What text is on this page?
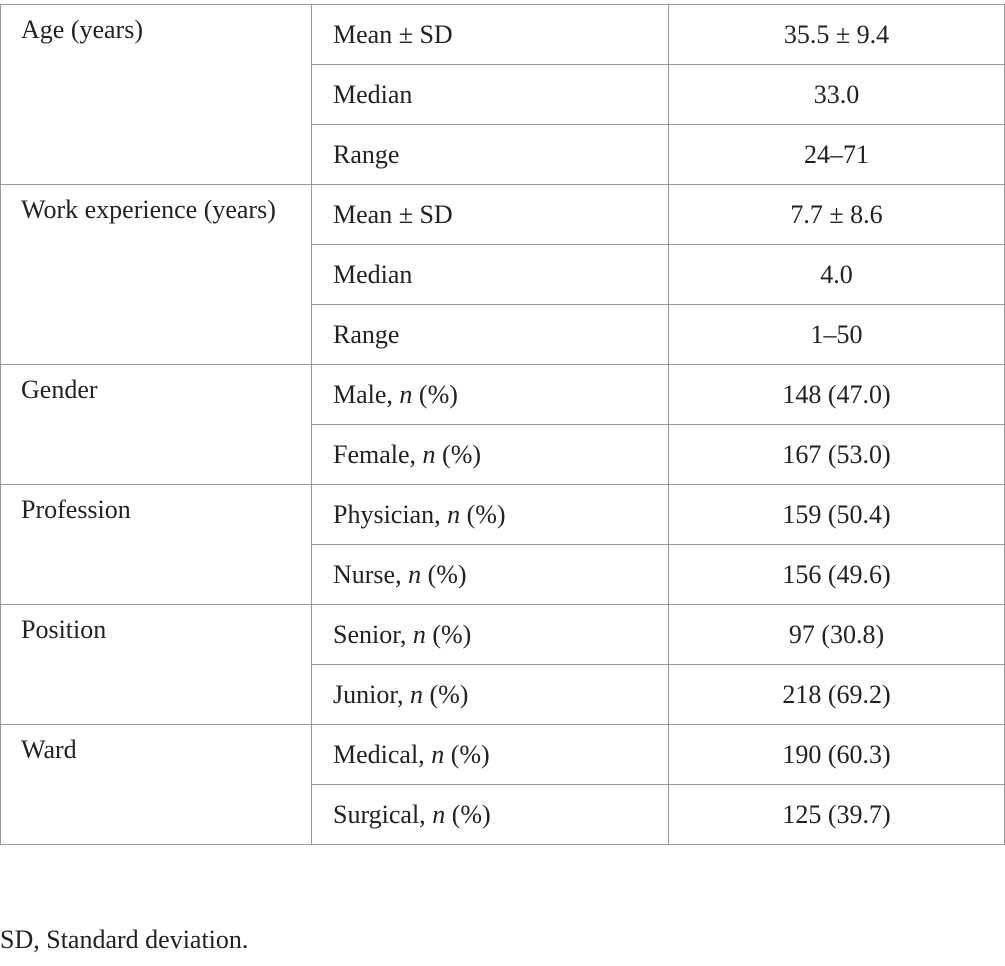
Age (years)	Mean ± SD	35.5 ± 9.4
	Median	33.0
	Range	24–71

Work experience (years)	Mean ± SD	7.7 ± 8.6
	Median	4.0
	Range	1–50

Gender	Male, n (%)	148 (47.0)
	Female, n (%)	167 (53.0)

Profession	Physician, n (%)	159 (50.4)
	Nurse, n (%)	156 (49.6)

Position	Senior, n (%)	97 (30.8)
	Junior, n (%)	218 (69.2)

Ward	Medical, n (%)	190 (60.3)
	Surgical, n (%)	125 (39.7)
SD, Standard deviation.
